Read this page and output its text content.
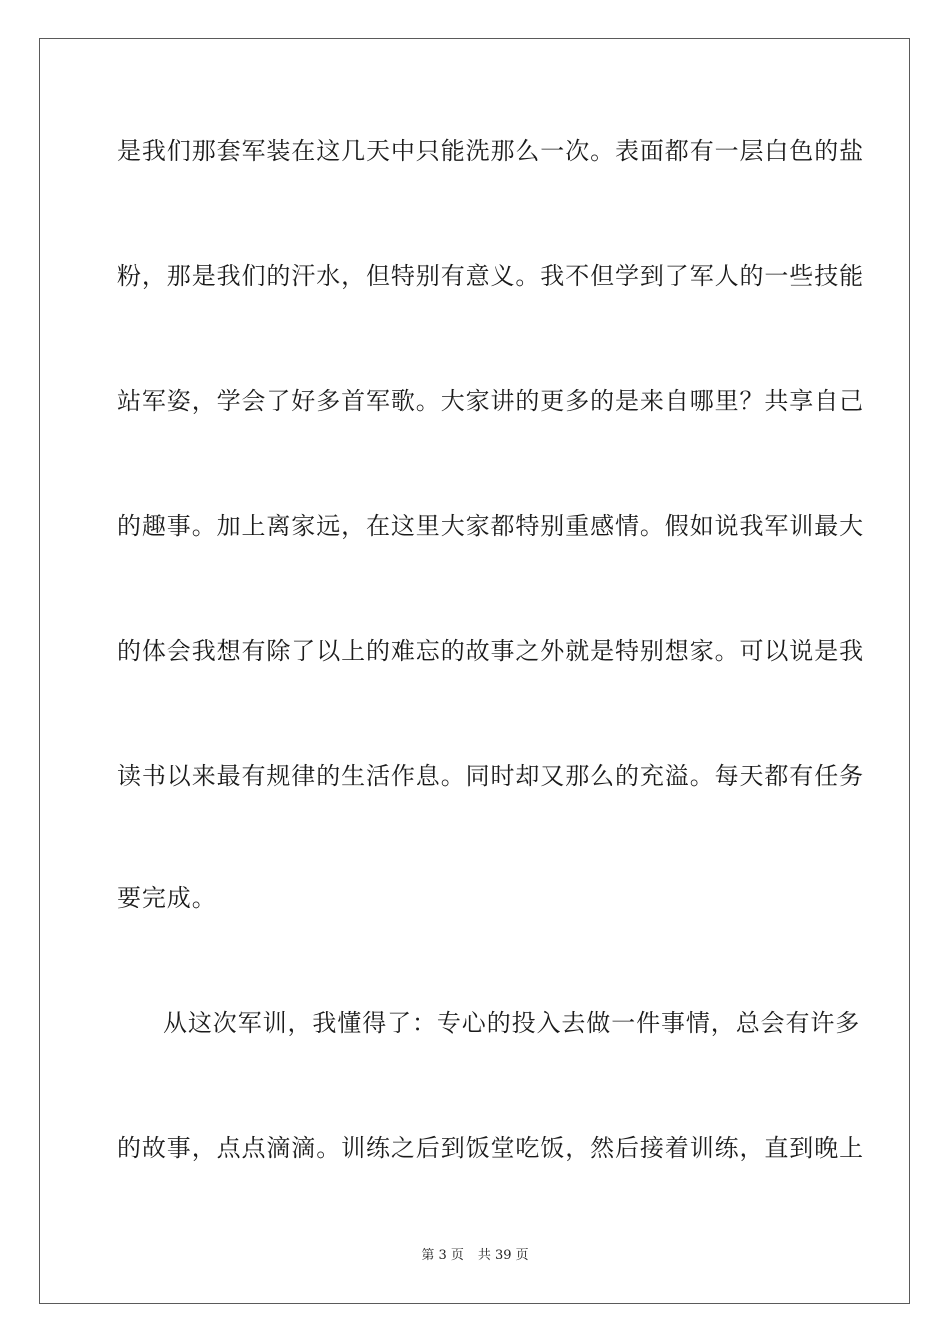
是我们那套军装在这几天中只能洗那么一次。表面都有一层白色的盐
粉，那是我们的汗水，但特别有意义。我不但学到了军人的一些技能
站军姿，学会了好多首军歌。大家讲的更多的是来自哪里？共享自己
的趣事。加上离家远，在这里大家都特别重感情。假如说我军训最大
的体会我想有除了以上的难忘的故事之外就是特别想家。可以说是我
读书以来最有规律的生活作息。同时却又那么的充溢。每天都有任务
要完成。
从这次军训，我懂得了：专心的投入去做一件事情，总会有许多
的故事，点点滴滴。训练之后到饭堂吃饭，然后接着训练，直到晚上
第 3 页 共 39 页
